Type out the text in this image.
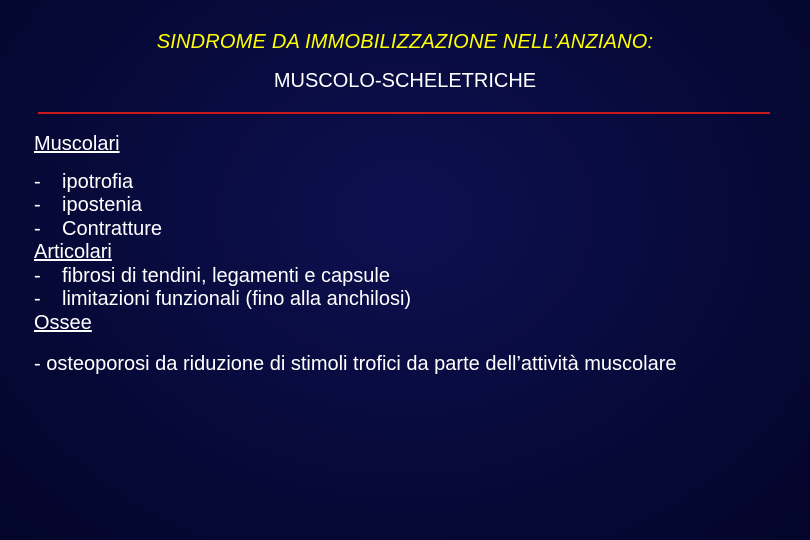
SINDROME DA IMMOBILIZZAZIONE NELL’ANZIANO:
MUSCOLO-SCHELETRICHE
Muscolari
-	ipotrofia
-	ipostenia
-	Contratture
Articolari
-	fibrosi di tendini, legamenti e capsule
-	limitazioni funzionali (fino alla anchilosi)
Ossee
- osteoporosi da riduzione di stimoli trofici da parte dell’attività muscolare
